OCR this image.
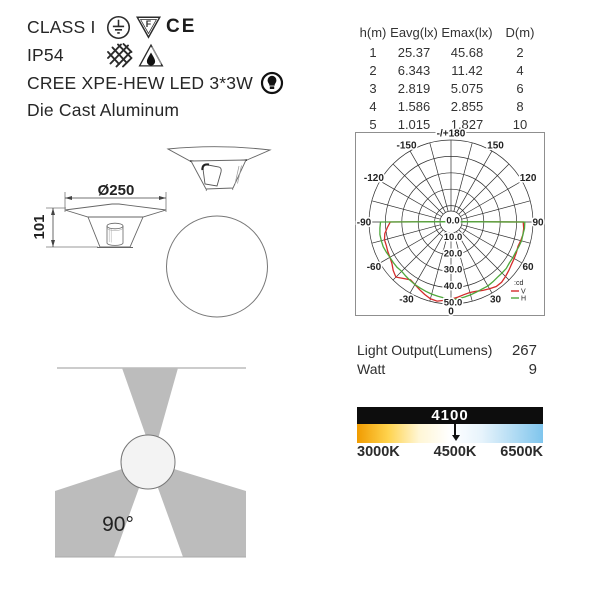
CLASS I	F CE
IP54
CREE XPE-HEW LED 3*3W
Die Cast Aluminum
h(m) Eavg(lx) Emax(lx) D(m)
1	25.37	45.68	2
2	6.343	11.42	4
3	2.819	5.075	6
4	1.586	2.855	8
5	1.015	1.827	10
-/+180
-150	150
-120	120
-90	90
-60	60
-30	30
0
0.0
10.0
20.0
30.0
40.0
50.0
:cd
V
H
Light Output(Lumens) 267
Watt	9
4100
3000K 4500K 6500K
Ø250
101
90°
